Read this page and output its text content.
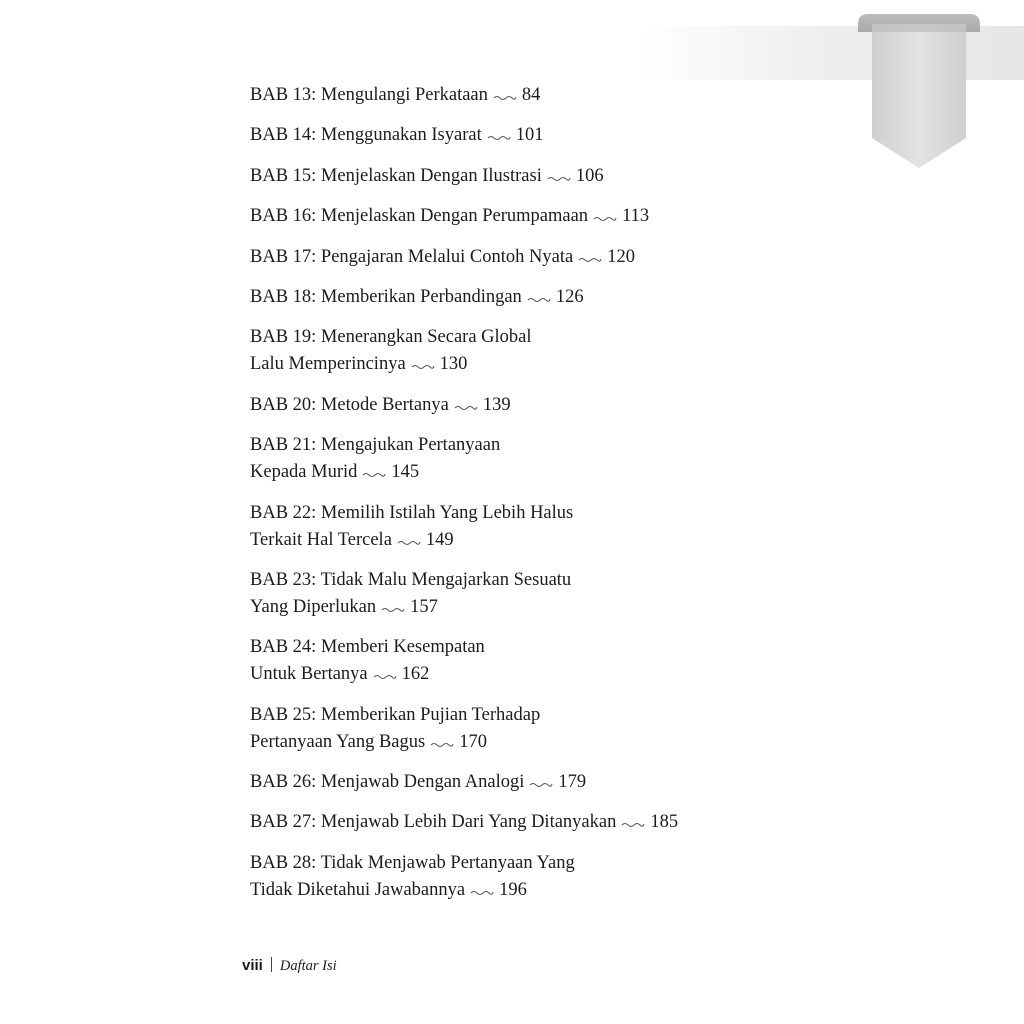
BAB 13: Mengulangi Perkataan 84
BAB 14: Menggunakan Isyarat 101
BAB 15: Menjelaskan Dengan Ilustrasi 106
BAB 16: Menjelaskan Dengan Perumpamaan 113
BAB 17: Pengajaran Melalui Contoh Nyata 120
BAB 18: Memberikan Perbandingan 126
BAB 19: Menerangkan Secara Global
Lalu Memperincinya 130
BAB 20: Metode Bertanya 139
BAB 21: Mengajukan Pertanyaan
Kepada Murid 145
BAB 22: Memilih Istilah Yang Lebih Halus
Terkait Hal Tercela 149
BAB 23: Tidak Malu Mengajarkan Sesuatu
Yang Diperlukan 157
BAB 24: Memberi Kesempatan
Untuk Bertanya 162
BAB 25: Memberikan Pujian Terhadap
Pertanyaan Yang Bagus 170
BAB 26: Menjawab Dengan Analogi 179
BAB 27: Menjawab Lebih Dari Yang Ditanyakan 185
BAB 28: Tidak Menjawab Pertanyaan Yang
Tidak Diketahui Jawabannya 196
viii Daftar Isi
